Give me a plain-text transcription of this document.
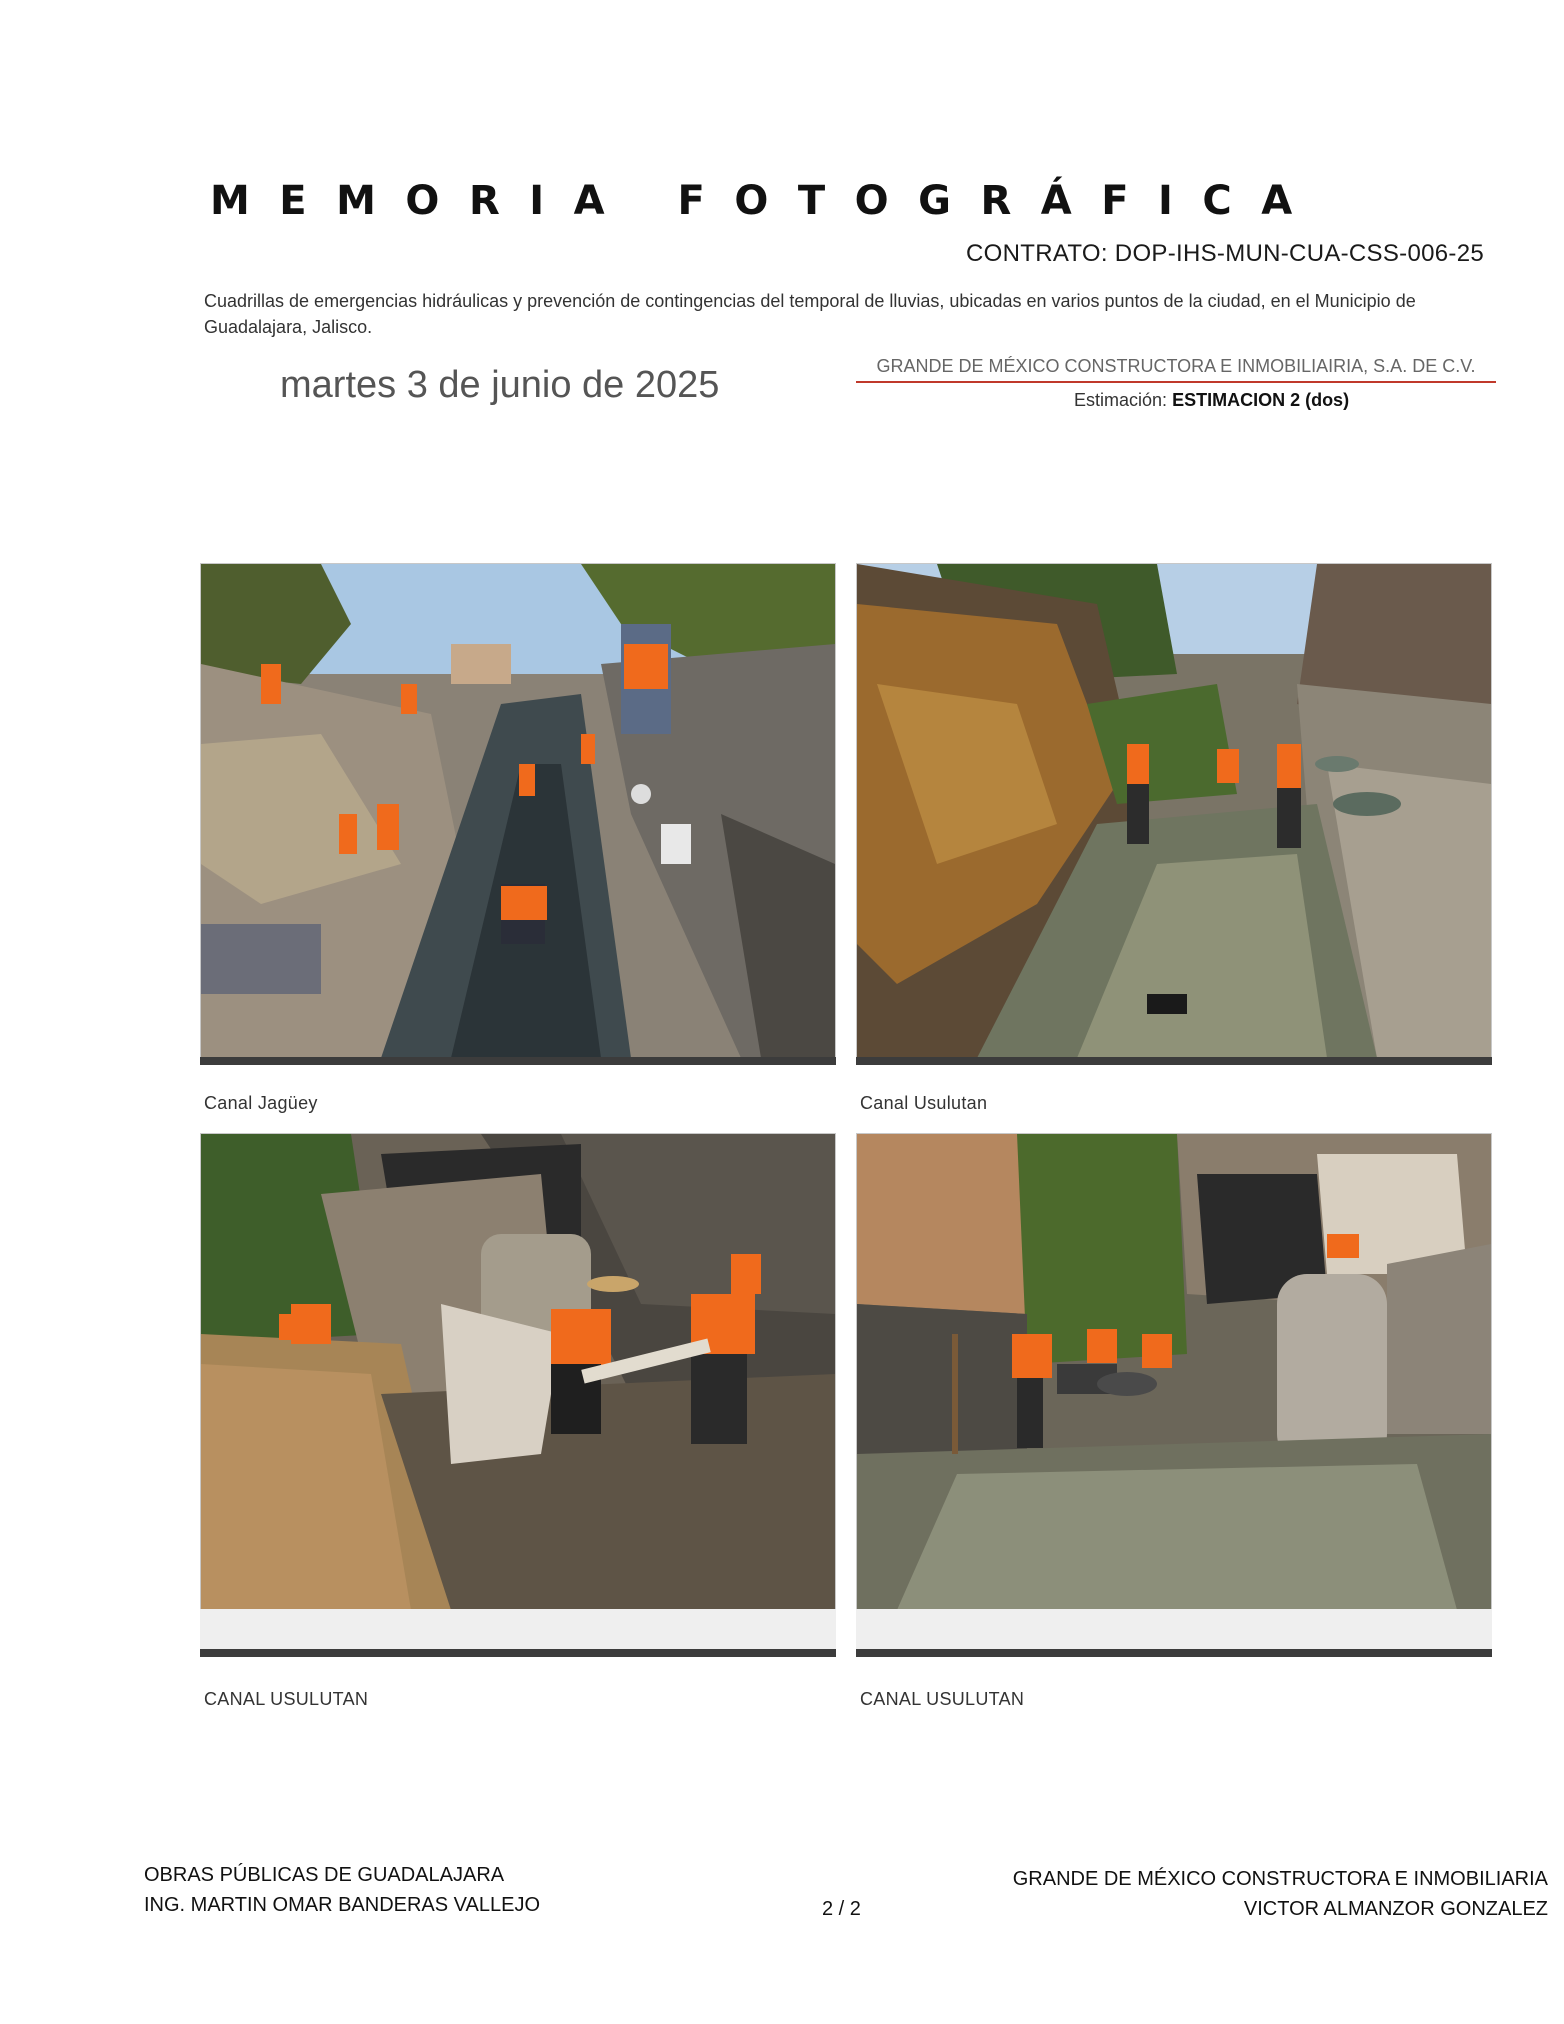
MEMORIA FOTOGRÁFICA
CONTRATO: DOP-IHS-MUN-CUA-CSS-006-25
Cuadrillas de emergencias hidráulicas y prevención de contingencias del temporal de lluvias, ubicadas en varios puntos de la ciudad, en el Municipio de Guadalajara, Jalisco.
martes 3 de junio de 2025	GRANDE DE MÉXICO CONSTRUCTORA E INMOBILIAIRIA, S.A. DE C.V.
Estimación: ESTIMACION 2 (dos)
Canal Jagüey	Canal Usulutan
CANAL USULUTAN	CANAL USULUTAN
OBRAS PÚBLICAS DE GUADALAJARA
ING. MARTIN OMAR BANDERAS VALLEJO	2 / 2
GRANDE DE MÉXICO CONSTRUCTORA E INMOBILIARIA
VICTOR ALMANZOR GONZALEZ
